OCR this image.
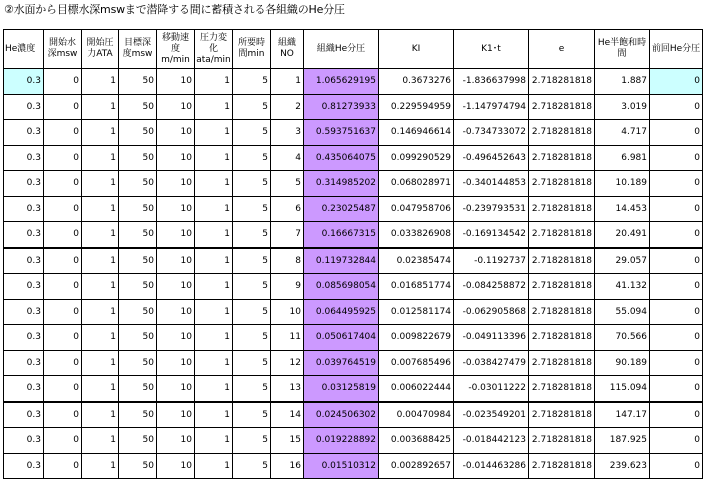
②水面から目標水深mswまで潜降する間に蓄積される各組織のHe分圧
He濃度	開始水深msw	開始圧力ATA	目標深度msw	移動速度m/min	圧力変化ata/min	所要時間min	組織NO	組織He分圧	KI	K1･t	e	He半飽和時間	前回He分圧
0.3	0	1	50	10	1	5	1	1.065629195	0.3673276	-1.836637998	2.718281818	1.887	0
0.3	0	1	50	10	1	5	2	0.81273933	0.229594959	-1.147974794	2.718281818	3.019	0
0.3	0	1	50	10	1	5	3	0.593751637	0.146946614	-0.734733072	2.718281818	4.717	0
0.3	0	1	50	10	1	5	4	0.435064075	0.099290529	-0.496452643	2.718281818	6.981	0
0.3	0	1	50	10	1	5	5	0.314985202	0.068028971	-0.340144853	2.718281818	10.189	0
0.3	0	1	50	10	1	5	6	0.23025487	0.047958706	-0.239793531	2.718281818	14.453	0
0.3	0	1	50	10	1	5	7	0.16667315	0.033826908	-0.169134542	2.718281818	20.491	0
0.3	0	1	50	10	1	5	8	0.119732844	0.02385474	-0.1192737	2.718281818	29.057	0
0.3	0	1	50	10	1	5	9	0.085698054	0.016851774	-0.084258872	2.718281818	41.132	0
0.3	0	1	50	10	1	5	10	0.064495925	0.012581174	-0.062905868	2.718281818	55.094	0
0.3	0	1	50	10	1	5	11	0.050617404	0.009822679	-0.049113396	2.718281818	70.566	0
0.3	0	1	50	10	1	5	12	0.039764519	0.007685496	-0.038427479	2.718281818	90.189	0
0.3	0	1	50	10	1	5	13	0.03125819	0.006022444	-0.03011222	2.718281818	115.094	0
0.3	0	1	50	10	1	5	14	0.024506302	0.00470984	-0.023549201	2.718281818	147.17	0
0.3	0	1	50	10	1	5	15	0.019228892	0.003688425	-0.018442123	2.718281818	187.925	0
0.3	0	1	50	10	1	5	16	0.01510312	0.002892657	-0.014463286	2.718281818	239.623	0
